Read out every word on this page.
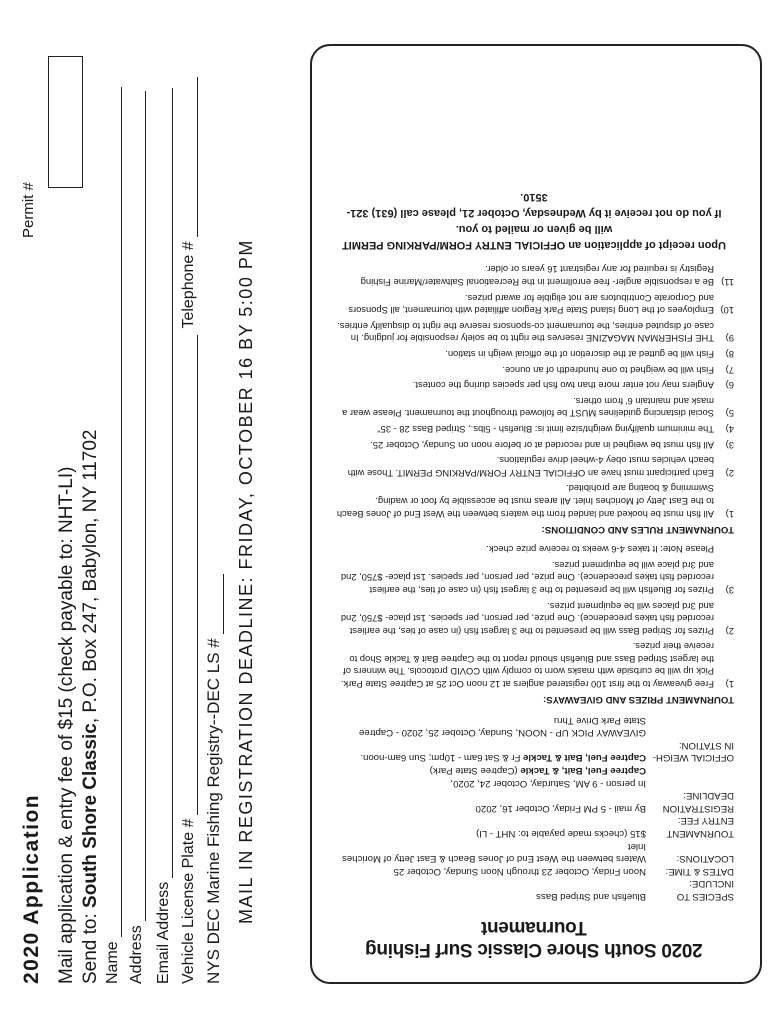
2020 Application Mail application & entry fee of $15 (check payable to: NHT-LI) Send to: South Shore Classic, P.O. Box 247, Babylon, NY 11702
Name Address Email Address Vehicle License Plate #
Telephone #
NYS DEC Marine Fishing Registry--DEC LS #
Permit #
MAIL IN REGISTRATION DEADLINE: FRIDAY, OCTOBER 16 BY 5:00 PM
2020 South Shore Classic Surf Fishing Tournament
SPECIES TO INCLUDE:
Bluefish and Striped Bass
DATES & TIME:
Noon Friday, October 23 through Noon Sunday, October 25
LOCATIONS:
Waters between the West End of Jones Beach & East Jetty of Moriches Inlet
TOURNAMENT ENTRY FEE:
$15 (checks made payable to: NHT - LI)
REGISTRATION DEADLINE:
By mail - 5 PM Friday, October 16, 2020
In person - 9 AM, Saturday, October 24, 2020,
Captree Fuel, Bait, & Tackle (Captree State Park)
OFFICIAL WEIGH-IN STATION:
Captree Fuel, Bait & Tackle Fr & Sat 6am - 10pm; Sun 6am-noon.
GIVEAWAY PICK UP - NOON, Sunday, October 25, 2020 - Captree State Park Drive Thru
TOURNAMENT PRIZES AND GIVEAWAYS:
1)
Free giveaway to the first 100 registered anglers at 12 noon Oct 25 at Captree State Park. Pick up will be curbside with masks worn to comply with COVID protocols. The winners of the largest Striped Bass and Bluefish should report to the Captree Bait & Tackle Shop to receive their prizes.
2)
Prizes for Striped Bass will be presented to the 3 largest fish (in case of ties, the earliest recorded fish takes precedence). One prize, per person, per species. 1st place- $750, 2nd and 3rd places will be equipment prizes.
3)
Prizes for Bluefish will be presented to the 3 largest fish (in case of ties, the earliest recorded fish takes precedence). One prize, per person, per species. 1st place- $750, 2nd and 3rd place will be equipment prizes.
Please Note: It takes 4-6 weeks to receive prize check.
TOURNAMENT RULES AND CONDITIONS:
1)
All fish must be hooked and landed from the waters between the West End of Jones Beach to the East Jetty of Moriches Inlet. All areas must be accessible by foot or wading. Swimming & boating are prohibited.
2)
Each participant must have an OFFICIAL ENTRY FORM/PARKING PERMIT. Those with beach vehicles must obey 4-wheel drive regulations.
3)
All fish must be weighed in and recorded at or before noon on Sunday, October 25.
4)
The minimum qualifying weight/size limit is: Bluefish - 5lbs., Striped Bass 28 - 35"
5)
Social distancing guidelines MUST be followed throughout the tournament. Please wear a mask and maintain 6' from others.
6)
Anglers may not enter more than two fish per species during the contest.
7)
Fish will be weighed to one hundredth of an ounce.
8)
Fish will be gutted at the discretion of the official weigh in station.
9)
THE FISHERMAN MAGAZINE reserves the right to be solely responsible for judging. In case of disputed entries, the tournament co-sponsors reserve the right to disqualify entries.
10)
Employees of the Long Island State Park Region affiliated with tournament, all Sponsors and Corporate Contributors are not eligible for award prizes.
11)
Be a responsible angler- free enrollment in the Recreational Saltwater/Marine Fishing Registry is required for any registrant 16 years or older.
Upon receipt of application an OFFICIAL ENTRY FORM/PARKING PERMIT
will be given or mailed to you.
If you do not receive it by Wednesday, October 21, please call (631) 321-3510.
